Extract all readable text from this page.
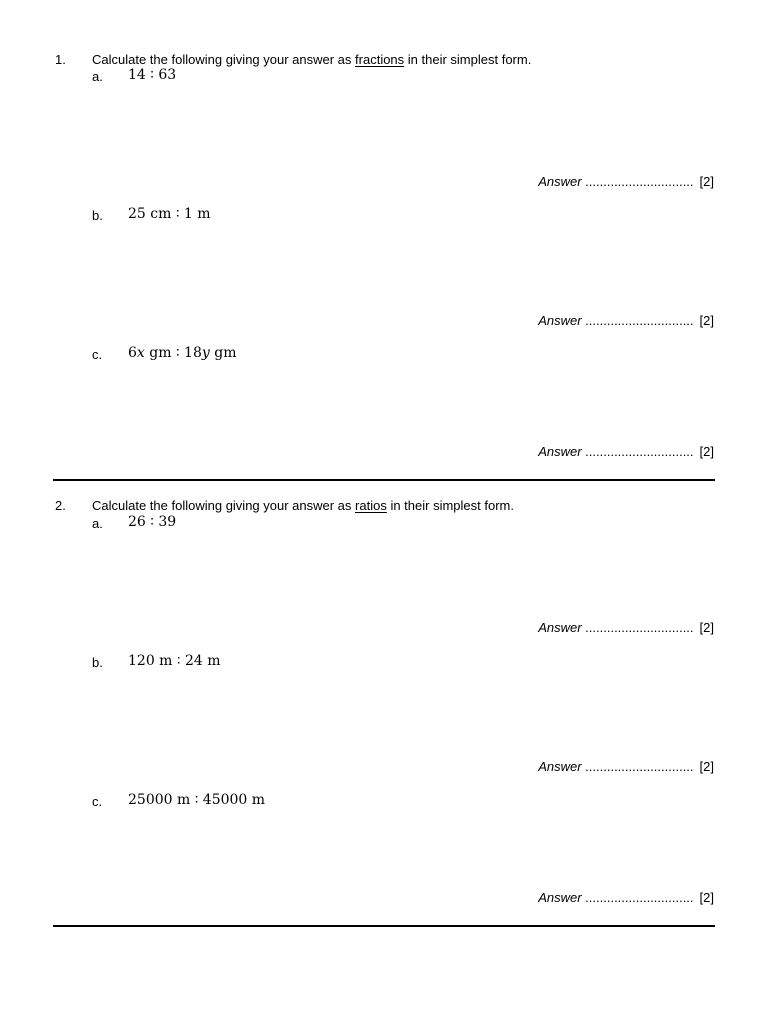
1. Calculate the following giving your answer as fractions in their simplest form.
a. 14 ∶ 63
Answer .............................. [2]
b. 25 cm ∶ 1 m
Answer .............................. [2]
c. 6x gm ∶ 18y gm
Answer .............................. [2]
2. Calculate the following giving your answer as ratios in their simplest form.
a. 26 ∶ 39
Answer .............................. [2]
b. 120 m ∶ 24 m
Answer .............................. [2]
c. 25000 m ∶ 45000 m
Answer .............................. [2]
